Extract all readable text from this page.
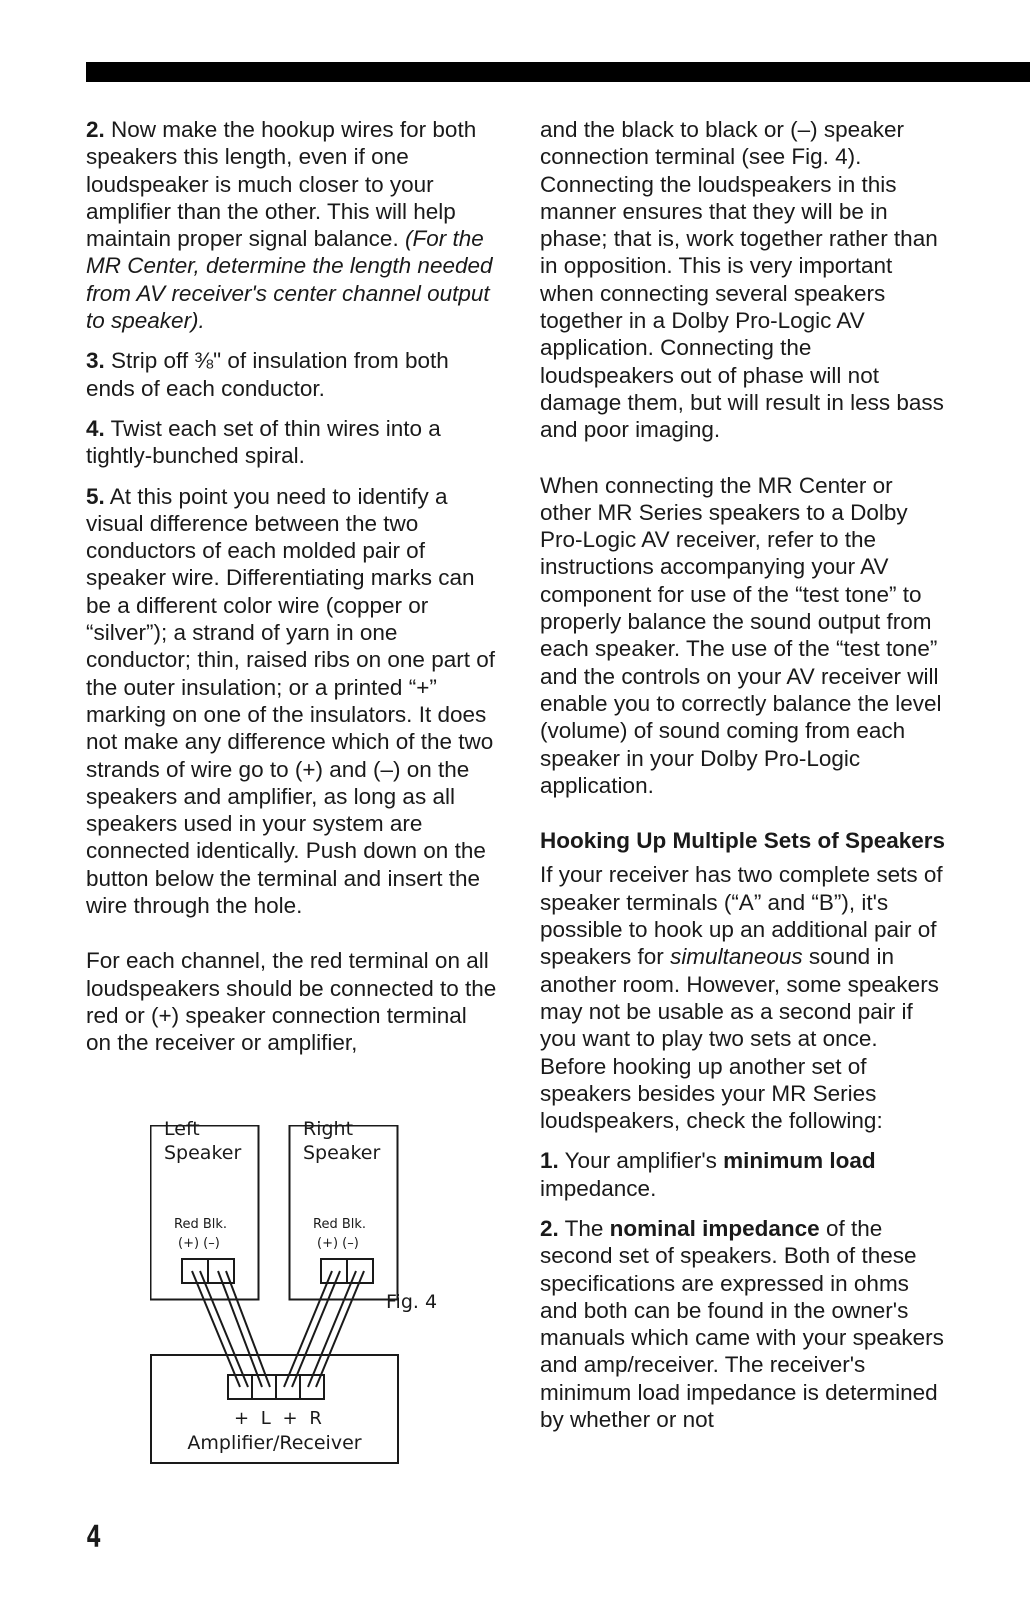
2. Now make the hookup wires for both speakers this length, even if one loudspeaker is much closer to your amplifier than the other. This will help maintain proper signal balance. (For the MR Center, determine the length needed from AV receiver's center channel output to speaker).

3. Strip off ⅜" of insulation from both ends of each conductor.

4. Twist each set of thin wires into a tightly-bunched spiral.

5. At this point you need to identify a visual difference between the two conductors of each molded pair of speaker wire. Differentiating marks can be a different color wire (copper or “silver”); a strand of yarn in one conductor; thin, raised ribs on one part of the outer insulation; or a printed “+” marking on one of the insulators. It does not make any difference which of the two strands of wire go to (+) and (–) on the speakers and amplifier, as long as all speakers used in your system are connected identically. Push down on the button below the terminal and insert the wire through the hole.

For each channel, the red terminal on all loudspeakers should be connected to the red or (+) speaker connection terminal on the receiver or amplifier,

Left Speaker
Right Speaker
Red Blk.	Red Blk.
(+) (–)	(+) (–)
Fig. 4
+ L + R
Amplifier/Receiver

and the black to black or (–) speaker connection terminal (see Fig. 4). Connecting the loudspeakers in this manner ensures that they will be in phase; that is, work together rather than in opposition. This is very important when connecting several speakers together in a Dolby Pro-Logic AV application. Connecting the loudspeakers out of phase will not damage them, but will result in less bass and poor imaging.

When connecting the MR Center or other MR Series speakers to a Dolby Pro-Logic AV receiver, refer to the instructions accompanying your AV component for use of the “test tone” to properly balance the sound output from each speaker. The use of the “test tone” and the controls on your AV receiver will enable you to correctly balance the level (volume) of sound coming from each speaker in your Dolby Pro-Logic application.

Hooking Up Multiple Sets of Speakers

If your receiver has two complete sets of speaker terminals (“A” and “B”), it's possible to hook up an additional pair of speakers for simultaneous sound in another room. However, some speakers may not be usable as a second pair if you want to play two sets at once. Before hooking up another set of speakers besides your MR Series loudspeakers, check the following:

1. Your amplifier's minimum load impedance.

2. The nominal impedance of the second set of speakers. Both of these specifications are expressed in ohms and both can be found in the owner's manuals which came with your speakers and amp/receiver. The receiver's minimum load impedance is determined by whether or not

4
